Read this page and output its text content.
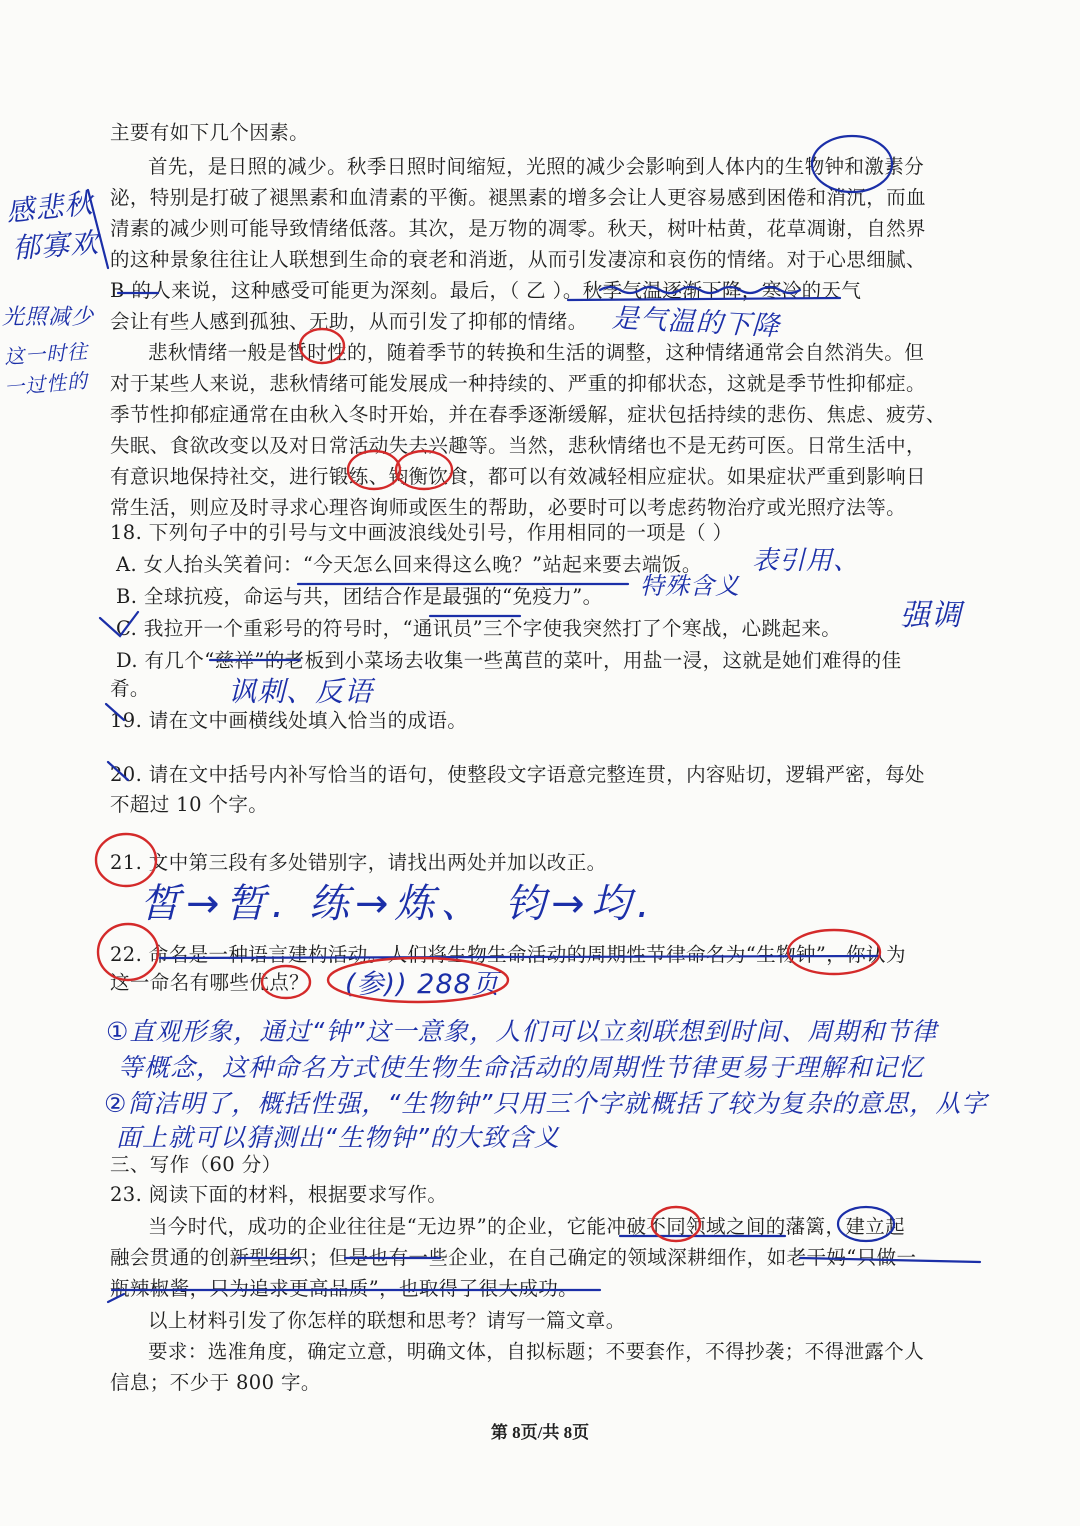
主要有如下几个因素。
首先，是日照的减少。秋季日照时间缩短，光照的减少会影响到人体内的生物钟和激素分
泌，特别是打破了褪黑素和血清素的平衡。褪黑素的增多会让人更容易感到困倦和消沉，而血
清素的减少则可能导致情绪低落。其次，是万物的凋零。秋天，树叶枯黄，花草凋谢，自然界
的这种景象往往让人联想到生命的衰老和消逝，从而引发凄凉和哀伤的情绪。对于心思细腻、
B 的人来说，这种感受可能更为深刻。最后，（ 乙 ）。秋季气温逐渐下降，寒冷的天气
会让有些人感到孤独、无助，从而引发了抑郁的情绪。
悲秋情绪一般是皙时性的，随着季节的转换和生活的调整，这种情绪通常会自然消失。但
对于某些人来说，悲秋情绪可能发展成一种持续的、严重的抑郁状态，这就是季节性抑郁症。
季节性抑郁症通常在由秋入冬时开始，并在春季逐渐缓解，症状包括持续的悲伤、焦虑、疲劳、
失眠、食欲改变以及对日常活动失去兴趣等。当然，悲秋情绪也不是无药可医。日常生活中，
有意识地保持社交，进行锻练、钧衡饮食，都可以有效减轻相应症状。如果症状严重到影响日
常生活，则应及时寻求心理咨询师或医生的帮助，必要时可以考虑药物治疗或光照疗法等。
18. 下列句子中的引号与文中画波浪线处引号，作用相同的一项是（ ）
A. 女人抬头笑着问：“今天怎么回来得这么晚？”站起来要去端饭。
B. 全球抗疫，命运与共，团结合作是最强的“免疫力”。
C. 我拉开一个重彩号的符号时，“通讯员”三个字使我突然打了个寒战，心跳起来。
D. 有几个“慈祥”的老板到小菜场去收集一些萬苣的菜叶，用盐一浸，这就是她们难得的佳
肴。
19. 请在文中画横线处填入恰当的成语。
20. 请在文中括号内补写恰当的语句，使整段文字语意完整连贯，内容贴切，逻辑严密，每处
不超过 10 个字。
21. 文中第三段有多处错别字，请找出两处并加以改正。
22. 命名是一种语言建构活动。人们将生物生命活动的周期性节律命名为“生物钟”，你认为
这一命名有哪些优点？
三、写作（60 分）
23. 阅读下面的材料，根据要求写作。
当今时代，成功的企业往往是“无边界”的企业，它能冲破不同领域之间的藩篱，建立起
融会贯通的创新型组织；但是也有一些企业，在自己确定的领域深耕细作，如老干妈“只做一
瓶辣椒酱，只为追求更高品质”，也取得了很大成功。
以上材料引发了你怎样的联想和思考？请写一篇文章。
要求：选准角度，确定立意，明确文体，自拟标题；不要套作，不得抄袭；不得泄露个人
信息；不少于 800 字。
第 8页/共 8页
感悲秋
郁寡欢
光照减少
这一时往
一过性的
是气温的下降
表引用、
特殊含义
强调
讽刺、反语
皙→暂. 练→炼、 钧→均.
(参)) 288页
①直观形象，通过“钟”这一意象，人们可以立刻联想到时间、周期和节律
等概念，这种命名方式使生物生命活动的周期性节律更易于理解和记忆
②简洁明了，概括性强，“生物钟”只用三个字就概括了较为复杂的意思，从字
面上就可以猜测出“生物钟”的大致含义
